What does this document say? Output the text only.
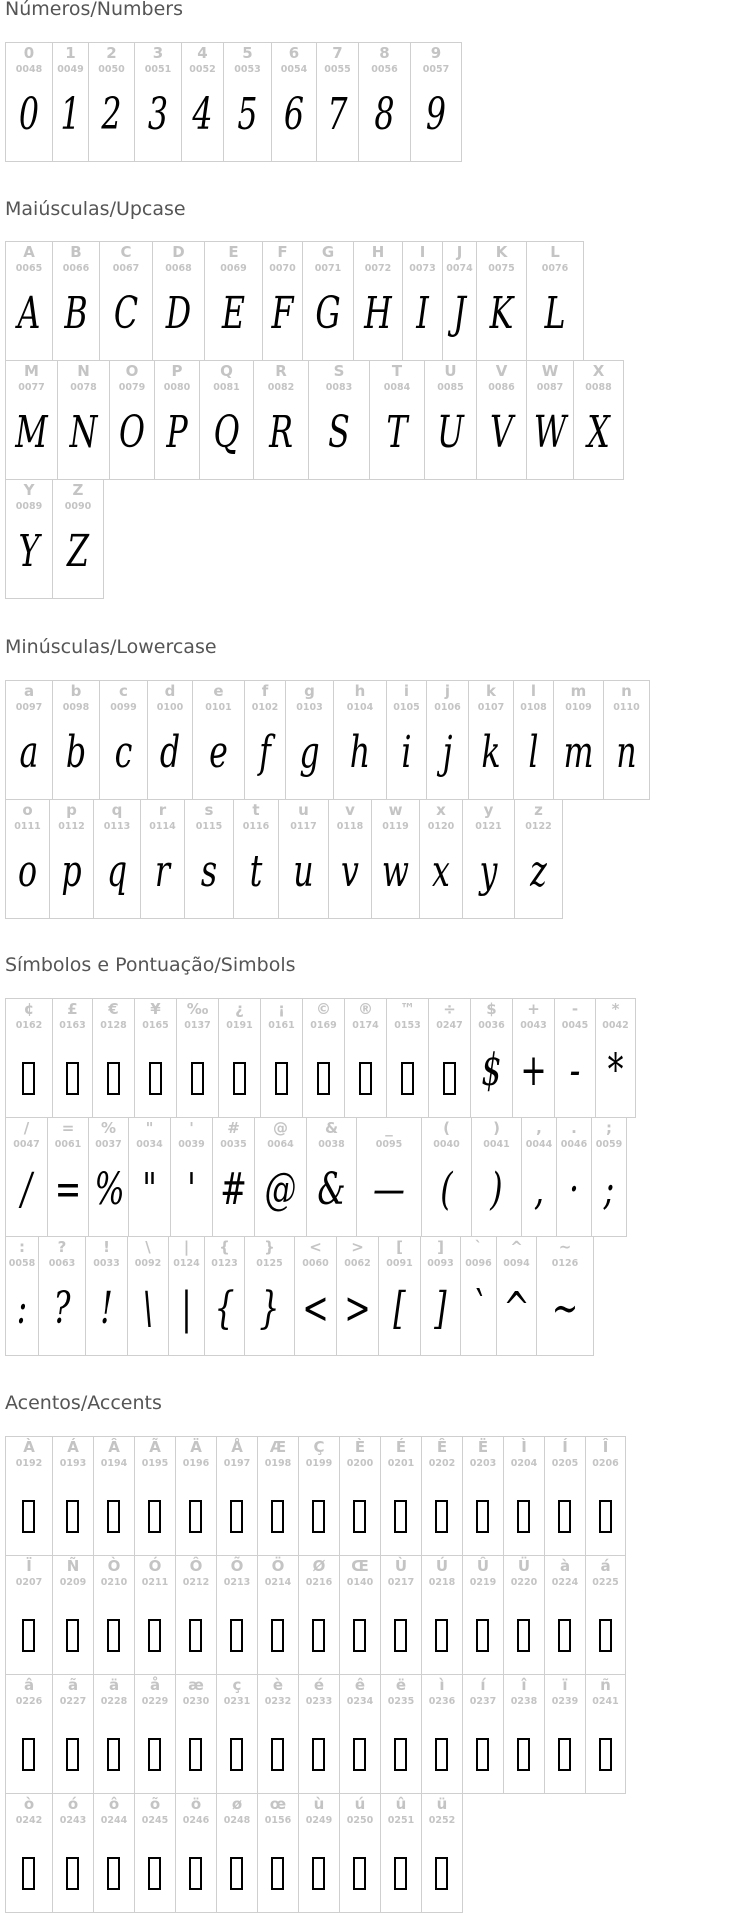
Números/Numbers
0
0048
0
1
0049
1
2
0050
2
3
0051
3
4
0052
4
5
0053
5
6
0054
6
7
0055
7
8
0056
8
9
0057
9
Maiúsculas/Upcase
A
0065
A
B
0066
B
C
0067
C
D
0068
D
E
0069
E
F
0070
F
G
0071
G
H
0072
H
I
0073
I
J
0074
J
K
0075
K
L
0076
L
M
0077
M
N
0078
N
O
0079
O
P
0080
P
Q
0081
Q
R
0082
R
S
0083
S
T
0084
T
U
0085
U
V
0086
V
W
0087
W
X
0088
X
Y
0089
Y
Z
0090
Z
Minúsculas/Lowercase
a
0097
a
b
0098
b
c
0099
c
d
0100
d
e
0101
e
f
0102
f
g
0103
g
h
0104
h
i
0105
i
j
0106
j
k
0107
k
l
0108
l
m
0109
m
n
0110
n
o
0111
o
p
0112
p
q
0113
q
r
0114
r
s
0115
s
t
0116
t
u
0117
u
v
0118
v
w
0119
w
x
0120
x
y
0121
y
z
0122
z
Símbolos e Pontuação/Simbols
¢
0162
£
0163
€
0128
¥
0165
‰
0137
¿
0191
¡
0161
©
0169
®
0174
™
0153
÷
0247
$
0036
$
+
0043
+
-
0045
-
*
0042
*
/
0047
/
=
0061
=
%
0037
%
"
0034
"
'
0039
'
#
0035
#
@
0064
@
&
0038
&
_
0095
—
(
0040
(
)
0041
)
,
0044
,
.
0046
·
;
0059
;
:
0058
:
?
0063
?
!
0033
!
\
0092
\
|
0124
|
{
0123
{
}
0125
}
<
0060
<
>
0062
>
[
0091
[
]
0093
]
`
0096
`
^
0094
^
~
0126
~
Acentos/Accents
À
0192
Á
0193
Â
0194
Ã
0195
Ä
0196
Å
0197
Æ
0198
Ç
0199
È
0200
É
0201
Ê
0202
Ë
0203
Ì
0204
Í
0205
Î
0206
Ï
0207
Ñ
0209
Ò
0210
Ó
0211
Ô
0212
Õ
0213
Ö
0214
Ø
0216
Œ
0140
Ù
0217
Ú
0218
Û
0219
Ü
0220
à
0224
á
0225
â
0226
ã
0227
ä
0228
å
0229
æ
0230
ç
0231
è
0232
é
0233
ê
0234
ë
0235
ì
0236
í
0237
î
0238
ï
0239
ñ
0241
ò
0242
ó
0243
ô
0244
õ
0245
ö
0246
ø
0248
œ
0156
ù
0249
ú
0250
û
0251
ü
0252
